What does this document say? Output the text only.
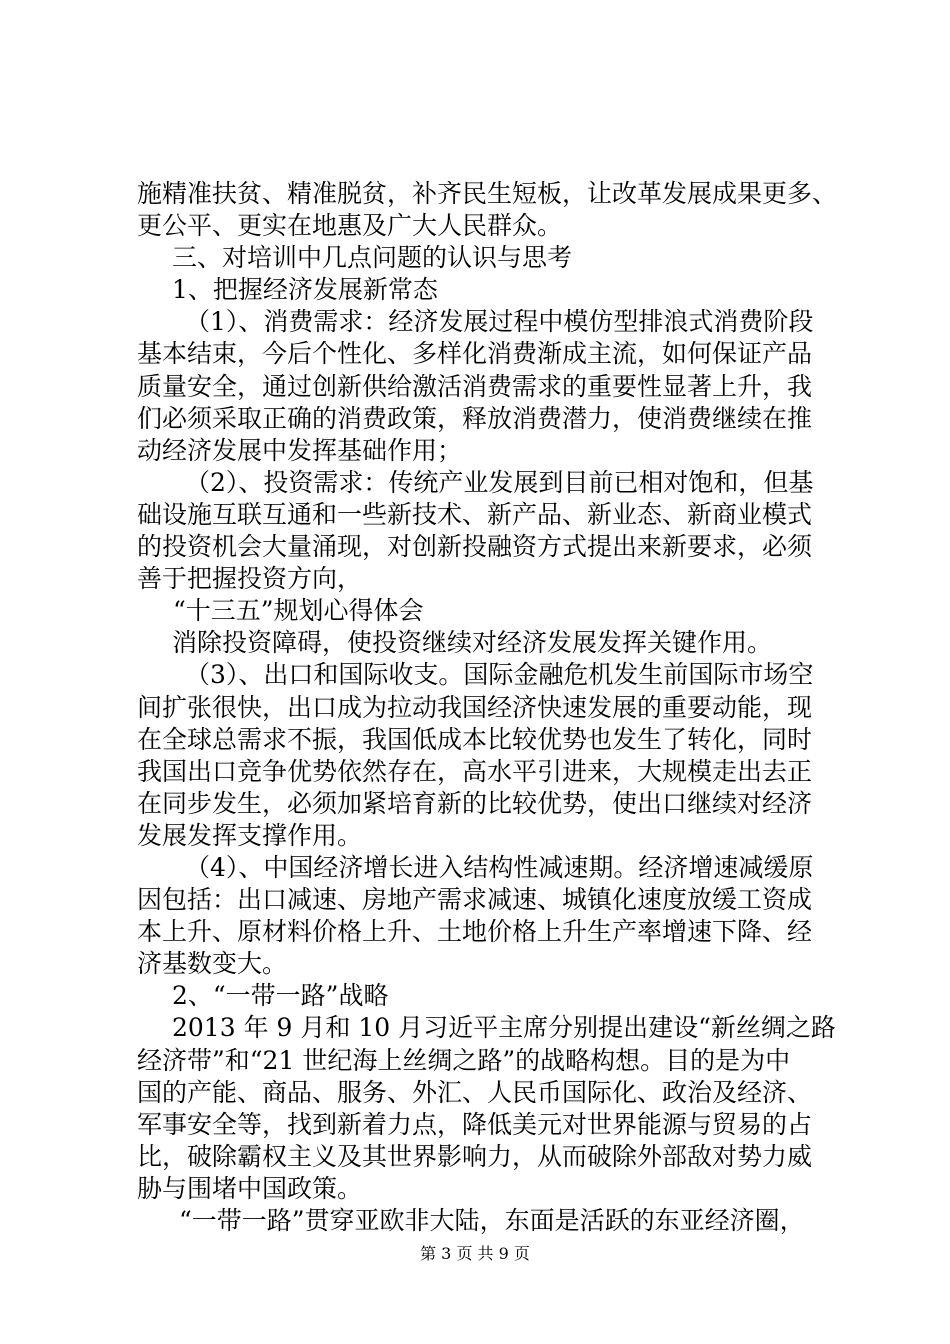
施精准扶贫、精准脱贫，补齐民生短板，让改革发展成果更多、
更公平、更实在地惠及广大人民群众。
三、对培训中几点问题的认识与思考
1、把握经济发展新常态
（1）、消费需求：经济发展过程中模仿型排浪式消费阶段
基本结束，今后个性化、多样化消费渐成主流，如何保证产品
质量安全，通过创新供给激活消费需求的重要性显著上升，我
们必须采取正确的消费政策，释放消费潜力，使消费继续在推
动经济发展中发挥基础作用；
（2）、投资需求：传统产业发展到目前已相对饱和，但基
础设施互联互通和一些新技术、新产品、新业态、新商业模式
的投资机会大量涌现，对创新投融资方式提出来新要求，必须
善于把握投资方向，
“十三五”规划心得体会
消除投资障碍，使投资继续对经济发展发挥关键作用。
（3）、出口和国际收支。国际金融危机发生前国际市场空
间扩张很快，出口成为拉动我国经济快速发展的重要动能，现
在全球总需求不振，我国低成本比较优势也发生了转化，同时
我国出口竞争优势依然存在，高水平引进来，大规模走出去正
在同步发生，必须加紧培育新的比较优势，使出口继续对经济
发展发挥支撑作用。
（4）、中国经济增长进入结构性减速期。经济增速减缓原
因包括：出口减速、房地产需求减速、城镇化速度放缓工资成
本上升、原材料价格上升、土地价格上升生产率增速下降、经
济基数变大。
2、“一带一路”战略
2013 年 9 月和 10 月习近平主席分别提出建设“新丝绸之路
经济带”和“21 世纪海上丝绸之路”的战略构想。目的是为中
国的产能、商品、服务、外汇、人民币国际化、政治及经济、
军事安全等，找到新着力点，降低美元对世界能源与贸易的占
比，破除霸权主义及其世界影响力，从而破除外部敌对势力威
胁与围堵中国政策。
“一带一路”贯穿亚欧非大陆，东面是活跃的东亚经济圈，
第 3 页 共 9 页
